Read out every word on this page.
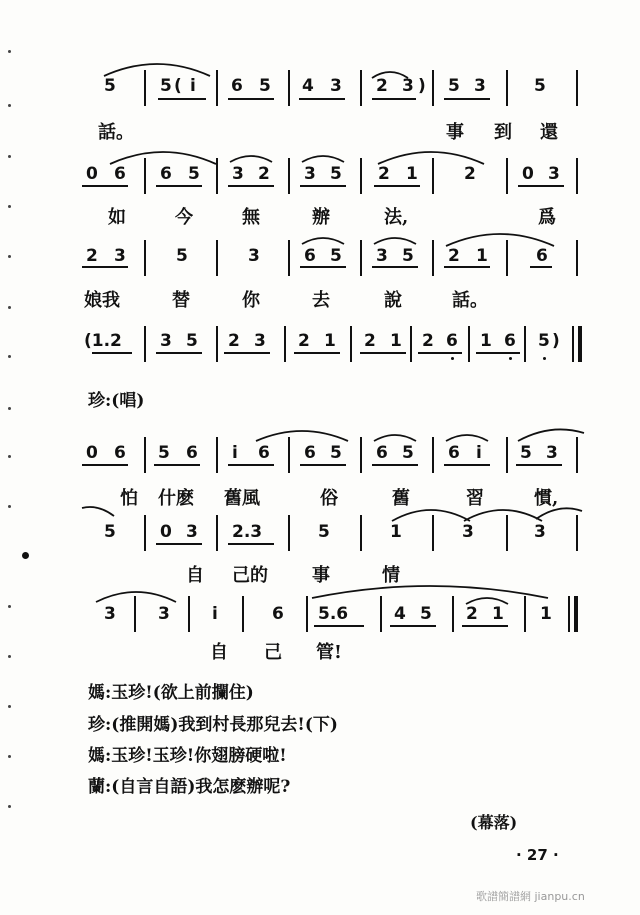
5	5 ( i 6 5 4 3 2 3 ) 5 3	5
話。	事 到 還
0 6 6 5 3 2 3 5 2 1	2	0 3
如	今	無	辦	法,	爲
2 3	5	3	6 5 3 5 2 1	6
娘我	替	你	去	說	話。
(1.2 3 5 2 3 2 1 2 1 2 6 1 6 5 )
珍:(唱)
0 6 5 6 i 6 6 5 6 5 6 i 5 3
怕 什麽 舊風	俗	舊	習	慣,
5	0 3 2.3	5	1	3	3
自 己的 事	情
3 3 i	6 5.6	4 5 2 1 1
自 己 管!
媽:玉珍!(欲上前攔住)
珍:(推開媽)我到村長那兒去!(下)
媽:玉珍!玉珍!你翅膀硬啦!
蘭:(自言自語)我怎麽辦呢?
(幕落)
· 27 ·
歌譜簡譜網 jianpu.cn
